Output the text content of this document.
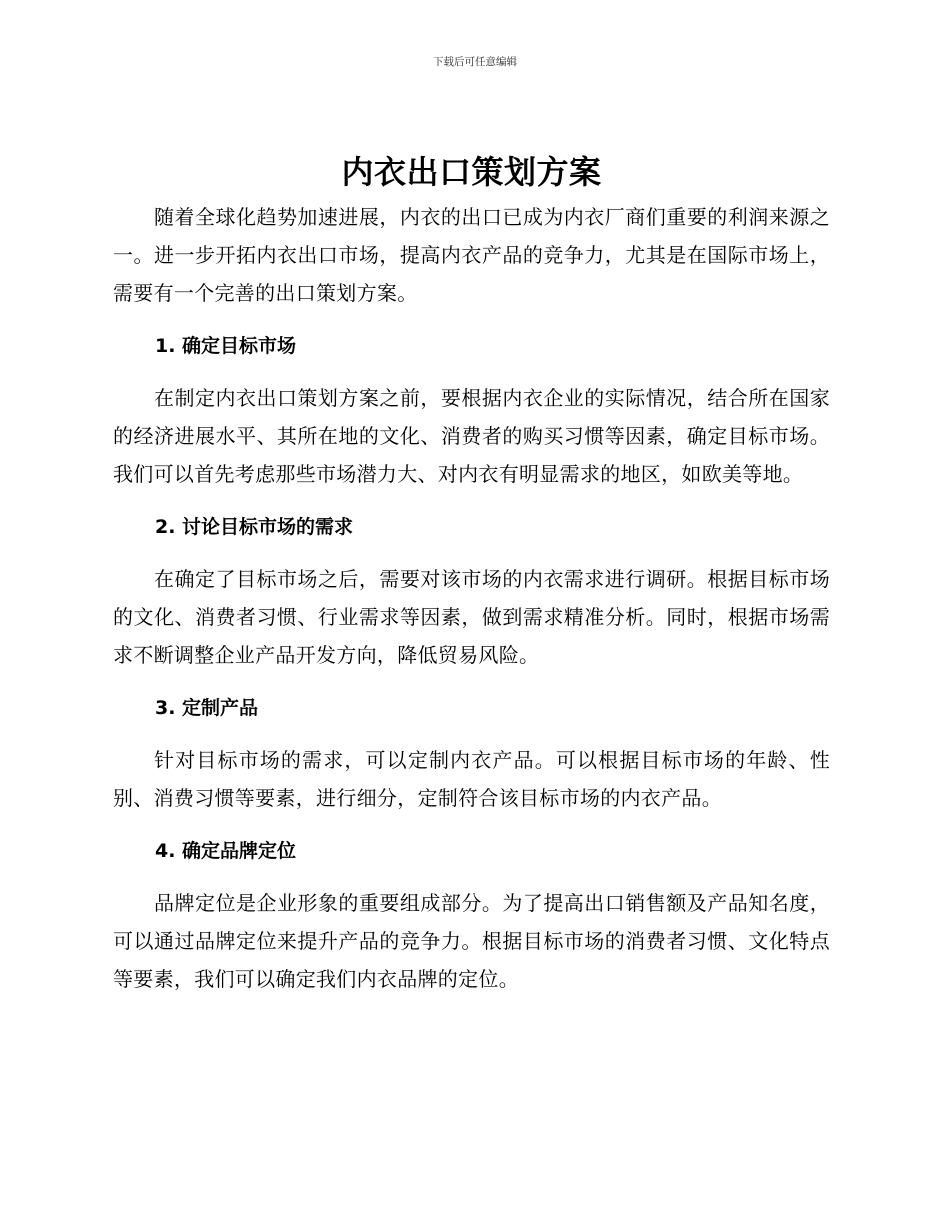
下载后可任意编辑
内衣出口策划方案

随着全球化趋势加速进展，内衣的出口已成为内衣厂商们重要的利润来源之一。进一步开拓内衣出口市场，提高内衣产品的竞争力，尤其是在国际市场上，需要有一个完善的出口策划方案。

1. 确定目标市场

在制定内衣出口策划方案之前，要根据内衣企业的实际情况，结合所在国家的经济进展水平、其所在地的文化、消费者的购买习惯等因素，确定目标市场。我们可以首先考虑那些市场潜力大、对内衣有明显需求的地区，如欧美等地。

2. 讨论目标市场的需求

在确定了目标市场之后，需要对该市场的内衣需求进行调研。根据目标市场的文化、消费者习惯、行业需求等因素，做到需求精准分析。同时，根据市场需求不断调整企业产品开发方向，降低贸易风险。

3. 定制产品

针对目标市场的需求，可以定制内衣产品。可以根据目标市场的年龄、性别、消费习惯等要素，进行细分，定制符合该目标市场的内衣产品。

4. 确定品牌定位

品牌定位是企业形象的重要组成部分。为了提高出口销售额及产品知名度，可以通过品牌定位来提升产品的竞争力。根据目标市场的消费者习惯、文化特点等要素，我们可以确定我们内衣品牌的定位。
